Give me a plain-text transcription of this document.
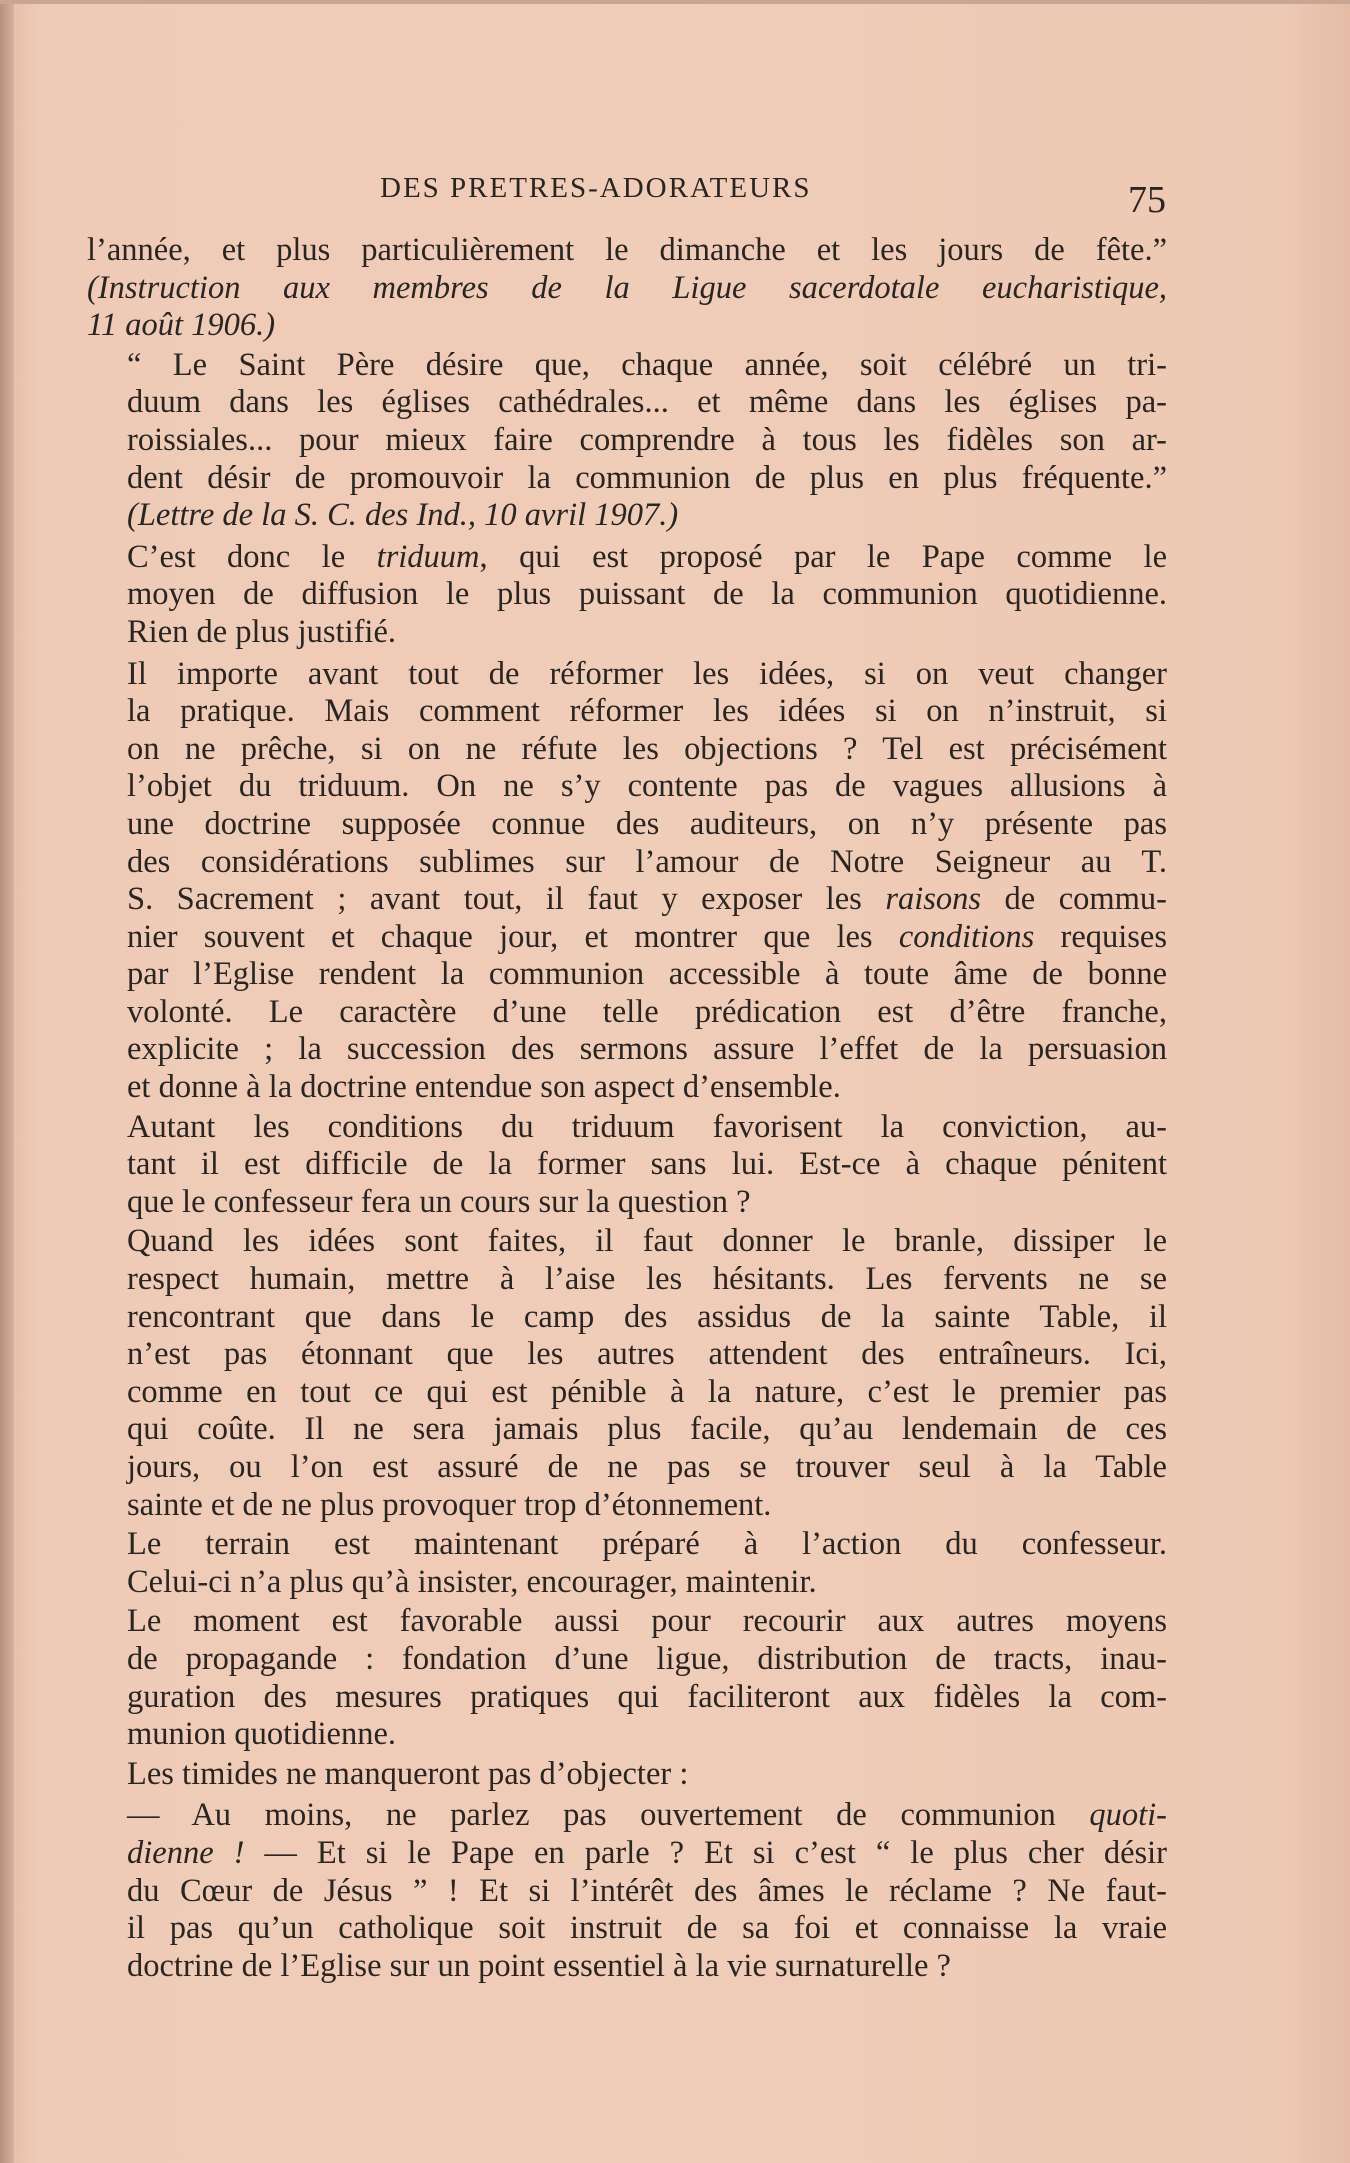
DES PRETRES-ADORATEURS	75

l’année, et plus particulièrement le dimanche et les jours de fête.”
(Instruction aux membres de la Ligue sacerdotale eucharistique,
11 août 1906.)

“ Le Saint Père désire que, chaque année, soit célébré un tri-
duum dans les églises cathédrales... et même dans les églises pa-
roissiales... pour mieux faire comprendre à tous les fidèles son ar-
dent désir de promouvoir la communion de plus en plus fréquente.”
(Lettre de la S. C. des Ind., 10 avril 1907.)

C’est donc le triduum, qui est proposé par le Pape comme le
moyen de diffusion le plus puissant de la communion quotidienne.
Rien de plus justifié.

Il importe avant tout de réformer les idées, si on veut changer
la pratique. Mais comment réformer les idées si on n’instruit, si
on ne prêche, si on ne réfute les objections ? Tel est précisément
l’objet du triduum. On ne s’y contente pas de vagues allusions à
une doctrine supposée connue des auditeurs, on n’y présente pas
des considérations sublimes sur l’amour de Notre Seigneur au T.
S. Sacrement ; avant tout, il faut y exposer les raisons de commu-
nier souvent et chaque jour, et montrer que les conditions requises
par l’Eglise rendent la communion accessible à toute âme de bonne
volonté. Le caractère d’une telle prédication est d’être franche,
explicite ; la succession des sermons assure l’effet de la persuasion
et donne à la doctrine entendue son aspect d’ensemble.

Autant les conditions du triduum favorisent la conviction, au-
tant il est difficile de la former sans lui. Est-ce à chaque pénitent
que le confesseur fera un cours sur la question ?

Quand les idées sont faites, il faut donner le branle, dissiper le
respect humain, mettre à l’aise les hésitants. Les fervents ne se
rencontrant que dans le camp des assidus de la sainte Table, il
n’est pas étonnant que les autres attendent des entraîneurs. Ici,
comme en tout ce qui est pénible à la nature, c’est le premier pas
qui coûte. Il ne sera jamais plus facile, qu’au lendemain de ces
jours, ou l’on est assuré de ne pas se trouver seul à la Table
sainte et de ne plus provoquer trop d’étonnement.

Le terrain est maintenant préparé à l’action du confesseur.
Celui-ci n’a plus qu’à insister, encourager, maintenir.

Le moment est favorable aussi pour recourir aux autres moyens
de propagande : fondation d’une ligue, distribution de tracts, inau-
guration des mesures pratiques qui faciliteront aux fidèles la com-
munion quotidienne.

Les timides ne manqueront pas d’objecter :

— Au moins, ne parlez pas ouvertement de communion quoti-
dienne ! — Et si le Pape en parle ? Et si c’est “ le plus cher désir
du Cœur de Jésus ” ! Et si l’intérêt des âmes le réclame ? Ne faut-
il pas qu’un catholique soit instruit de sa foi et connaisse la vraie
doctrine de l’Eglise sur un point essentiel à la vie surnaturelle ?
